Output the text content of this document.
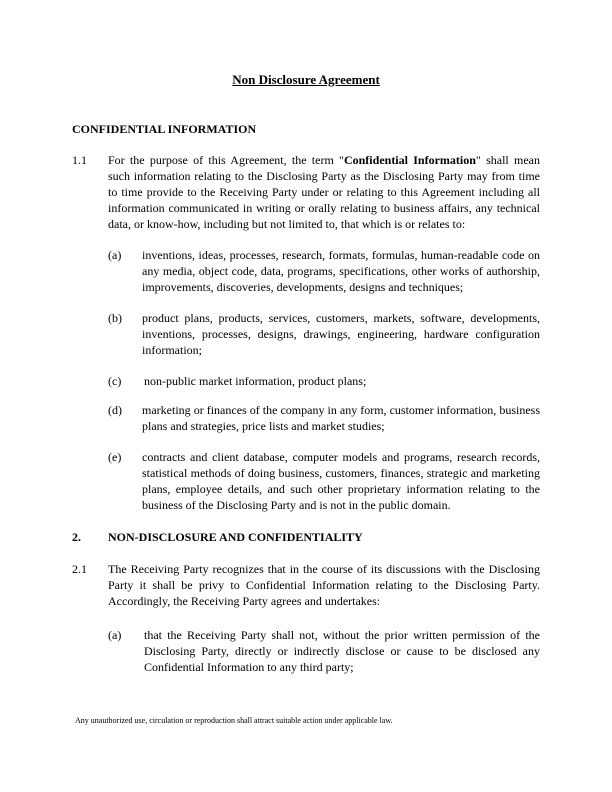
Non Disclosure Agreement
CONFIDENTIAL INFORMATION
1.1	For the purpose of this Agreement, the term "Confidential Information" shall mean such information relating to the Disclosing Party as the Disclosing Party may from time to time provide to the Receiving Party under or relating to this Agreement including all information communicated in writing or orally relating to business affairs, any technical data, or know-how, including but not limited to, that which is or relates to:
(a)	inventions, ideas, processes, research, formats, formulas, human-readable code on any media, object code, data, programs, specifications, other works of authorship, improvements, discoveries, developments, designs and techniques;
(b)	product plans, products, services, customers, markets, software, developments, inventions, processes, designs, drawings, engineering, hardware configuration information;
(c)	non-public market information, product plans;
(d)	marketing or finances of the company in any form, customer information, business plans and strategies, price lists and market studies;
(e)	contracts and client database, computer models and programs, research records, statistical methods of doing business, customers, finances, strategic and marketing plans, employee details, and such other proprietary information relating to the business of the Disclosing Party and is not in the public domain.
2.	NON-DISCLOSURE AND CONFIDENTIALITY
2.1	The Receiving Party recognizes that in the course of its discussions with the Disclosing Party it shall be privy to Confidential Information relating to the Disclosing Party. Accordingly, the Receiving Party agrees and undertakes:
(a)	that the Receiving Party shall not, without the prior written permission of the Disclosing Party, directly or indirectly disclose or cause to be disclosed any Confidential Information to any third party;
Any unauthorized use, circulation or reproduction shall attract suitable action under applicable law.
